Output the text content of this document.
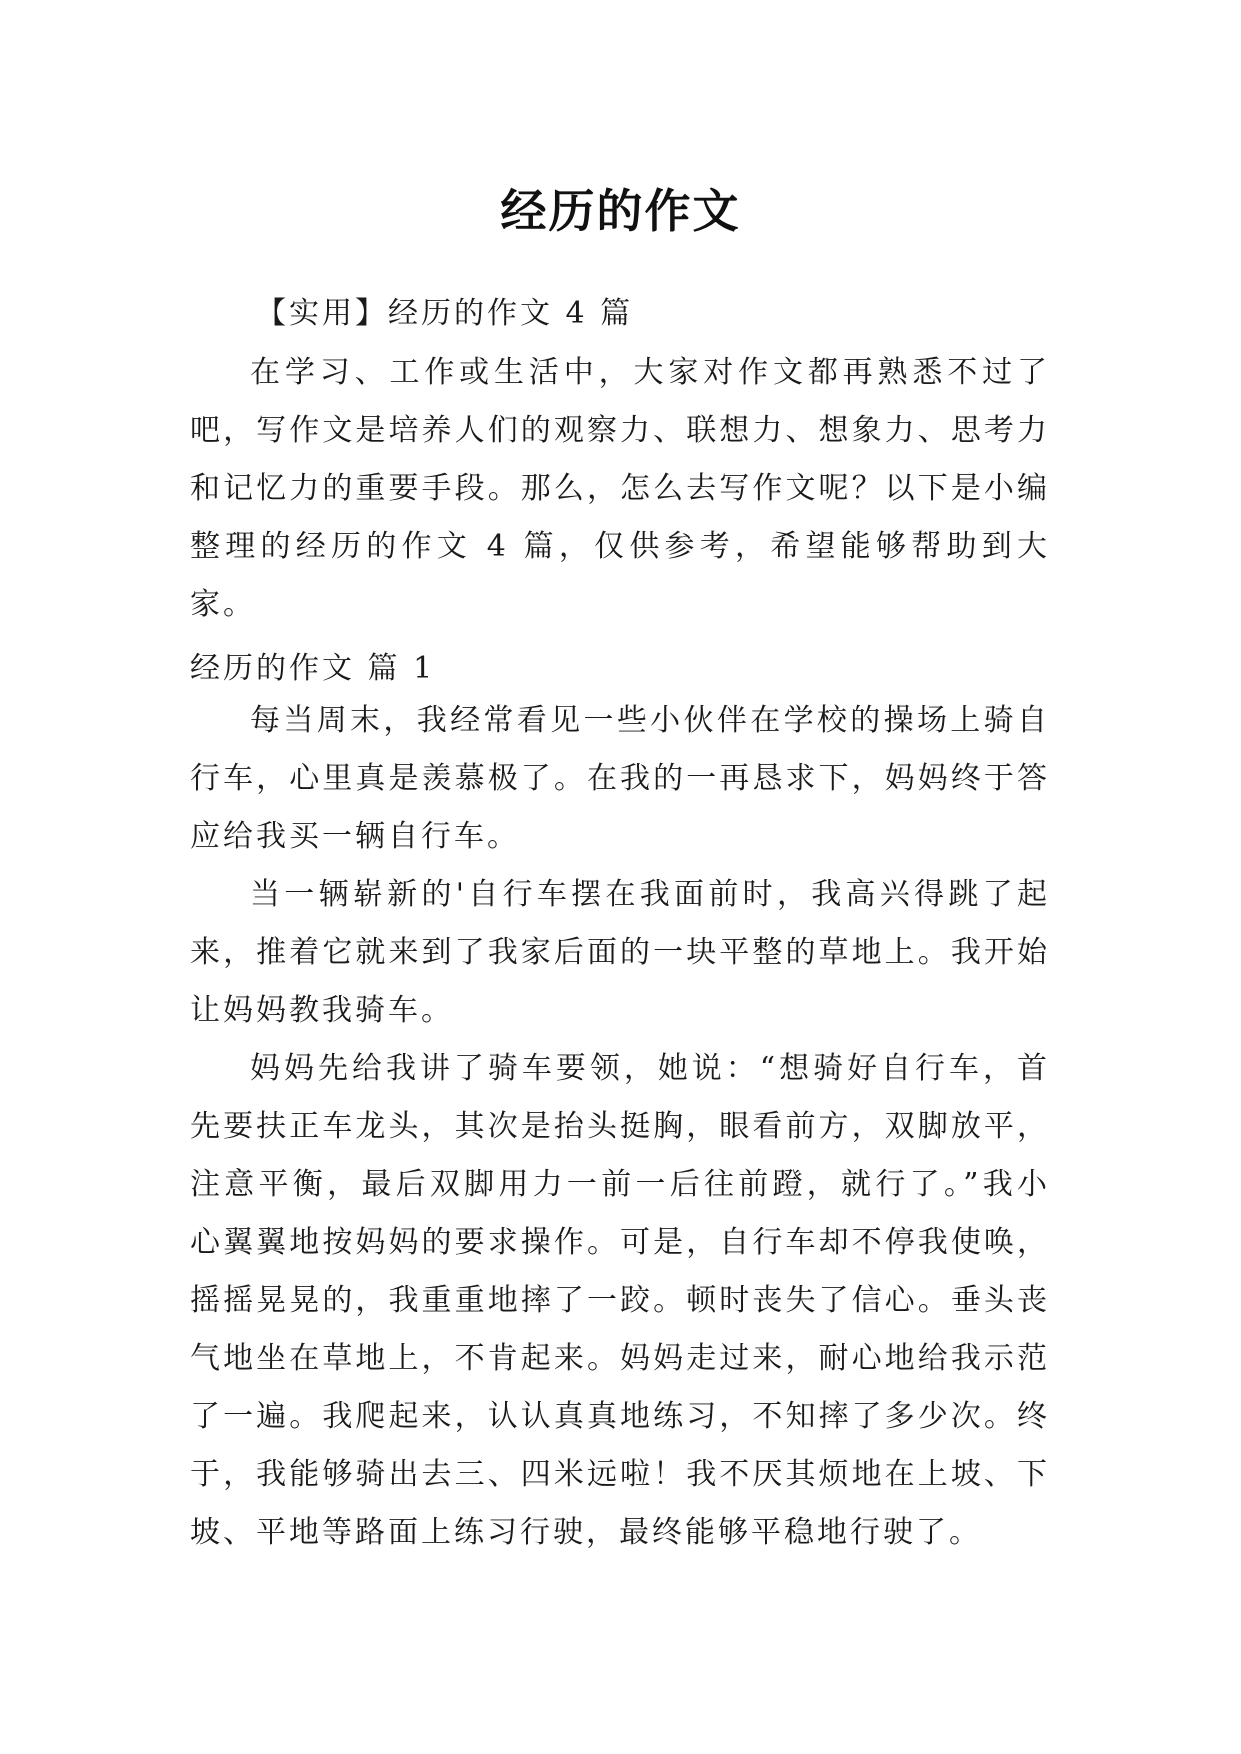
经历的作文
【实用】经历的作文 4 篇

在学习、工作或生活中，大家对作文都再熟悉不过了吧，写作文是培养人们的观察力、联想力、想象力、思考力和记忆力的重要手段。那么，怎么去写作文呢？以下是小编整理的经历的作文 4 篇，仅供参考，希望能够帮助到大家。

经历的作文 篇 1

每当周末，我经常看见一些小伙伴在学校的操场上骑自行车，心里真是羡慕极了。在我的一再恳求下，妈妈终于答应给我买一辆自行车。

当一辆崭新的'自行车摆在我面前时，我高兴得跳了起来，推着它就来到了我家后面的一块平整的草地上。我开始让妈妈教我骑车。

妈妈先给我讲了骑车要领，她说：“想骑好自行车，首先要扶正车龙头，其次是抬头挺胸，眼看前方，双脚放平，注意平衡，最后双脚用力一前一后往前蹬，就行了。”我小心翼翼地按妈妈的要求操作。可是，自行车却不停我使唤，摇摇晃晃的，我重重地摔了一跤。顿时丧失了信心。垂头丧气地坐在草地上，不肯起来。妈妈走过来，耐心地给我示范了一遍。我爬起来，认认真真地练习，不知摔了多少次。终于，我能够骑出去三、四米远啦！我不厌其烦地在上坡、下坡、平地等路面上练习行驶，最终能够平稳地行驶了。
